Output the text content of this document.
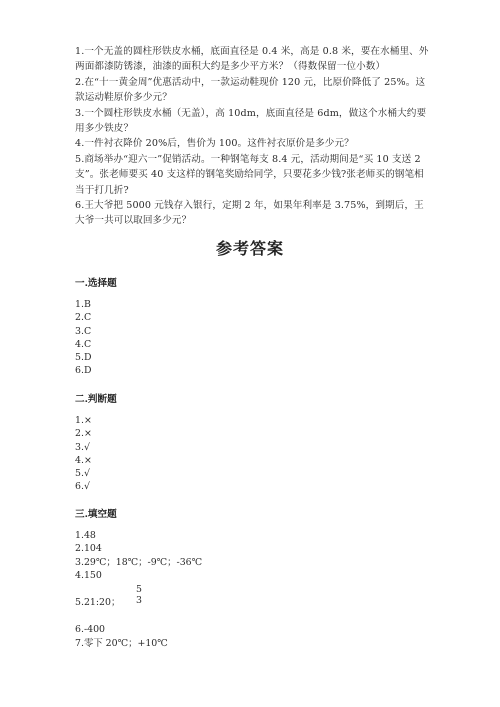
1.一个无盖的圆柱形铁皮水桶，底面直径是 0.4 米，高是 0.8 米，要在水桶里、外两面都漆防锈漆，油漆的面积大约是多少平方米？（得数保留一位小数）
2.在“十一黄金周”优惠活动中，一款运动鞋现价 120 元，比原价降低了 25%。这款运动鞋原价多少元？
3.一个圆柱形铁皮水桶（无盖），高 10dm，底面直径是 6dm，做这个水桶大约要用多少铁皮？
4.一件衬衣降价 20%后，售价为 100。这件衬衣原价是多少元？
5.商场举办“迎六一”促销活动。一种钢笔每支 8.4 元，活动期间是“买 10 支送 2 支”。张老师要买 40 支这样的钢笔奖励给同学，只要花多少钱?张老师买的钢笔相当于打几折?
6.王大爷把 5000 元钱存入银行，定期 2 年，如果年利率是 3.75%，到期后，王大爷一共可以取回多少元？
参考答案
一.选择题
1.B
2.C
3.C
4.C
5.D
6.D
二.判断题
1.×
2.×
3.√
4.×
5.√
6.√
三.填空题
1.48
2.104
3.29℃；18℃；-9℃；-36℃
4.150
5.21:20；
6.-400
7.零下 20℃；+10℃
5
3
